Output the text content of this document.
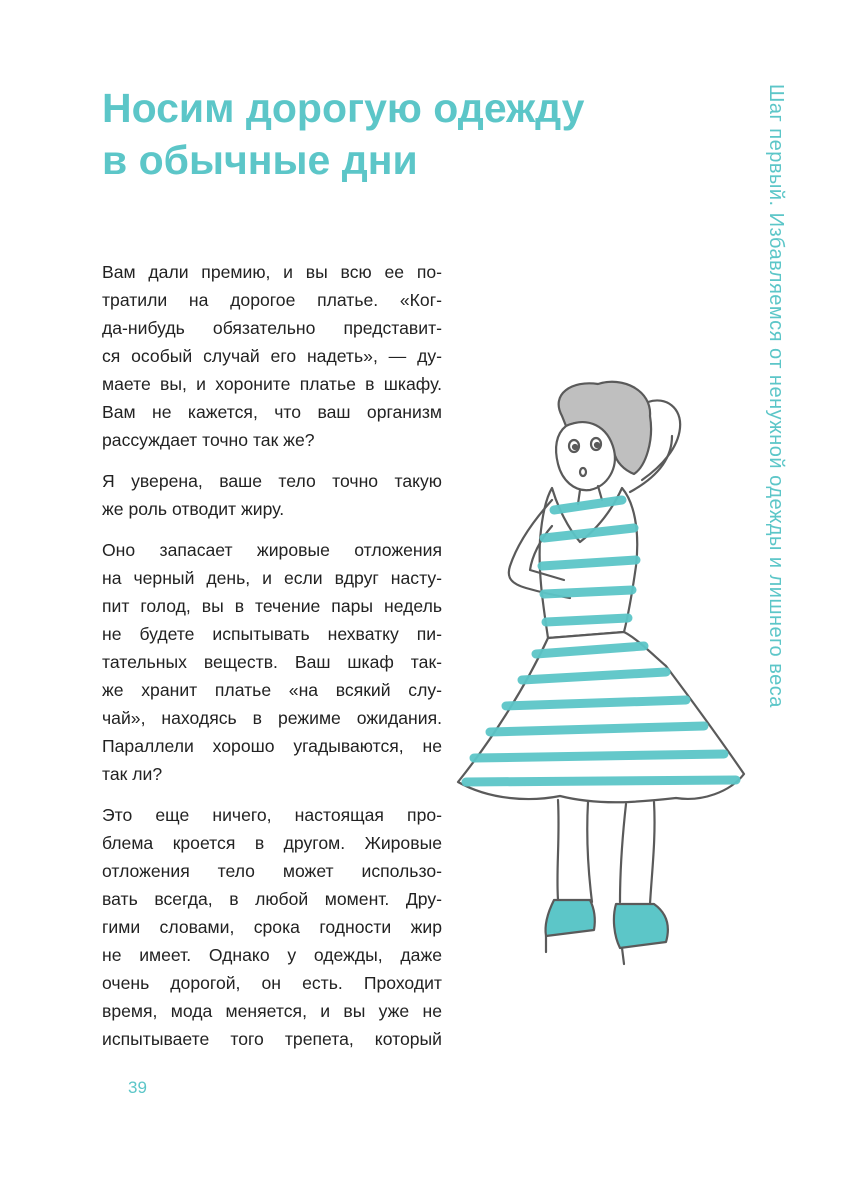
Носим дорогую одежду
в обычные дни	Шаг первый. Избавляемся от ненужной одежды и лишнего веса
Вам дали премию, и вы всю ее по-
тратили на дорогое платье. «Ког-
да-нибудь обязательно представит-
ся особый случай его надеть», — ду-
маете вы, и хороните платье в шкафу.
Вам не кажется, что ваш организм
рассуждает точно так же?
Я уверена, ваше тело точно такую
же роль отводит жиру.
Оно запасает жировые отложения
на черный день, и если вдруг насту-
пит голод, вы в течение пары недель
не будете испытывать нехватку пи-
тательных веществ. Ваш шкаф так-
же хранит платье «на всякий слу-
чай», находясь в режиме ожидания.
Параллели хорошо угадываются, не
так ли?
Это еще ничего, настоящая про-
блема кроется в другом. Жировые
отложения тело может использо-
вать всегда, в любой момент. Дру-
гими словами, срока годности жир
не имеет. Однако у одежды, даже
очень дорогой, он есть. Проходит
время, мода меняется, и вы уже не
испытываете того трепета, который
39
